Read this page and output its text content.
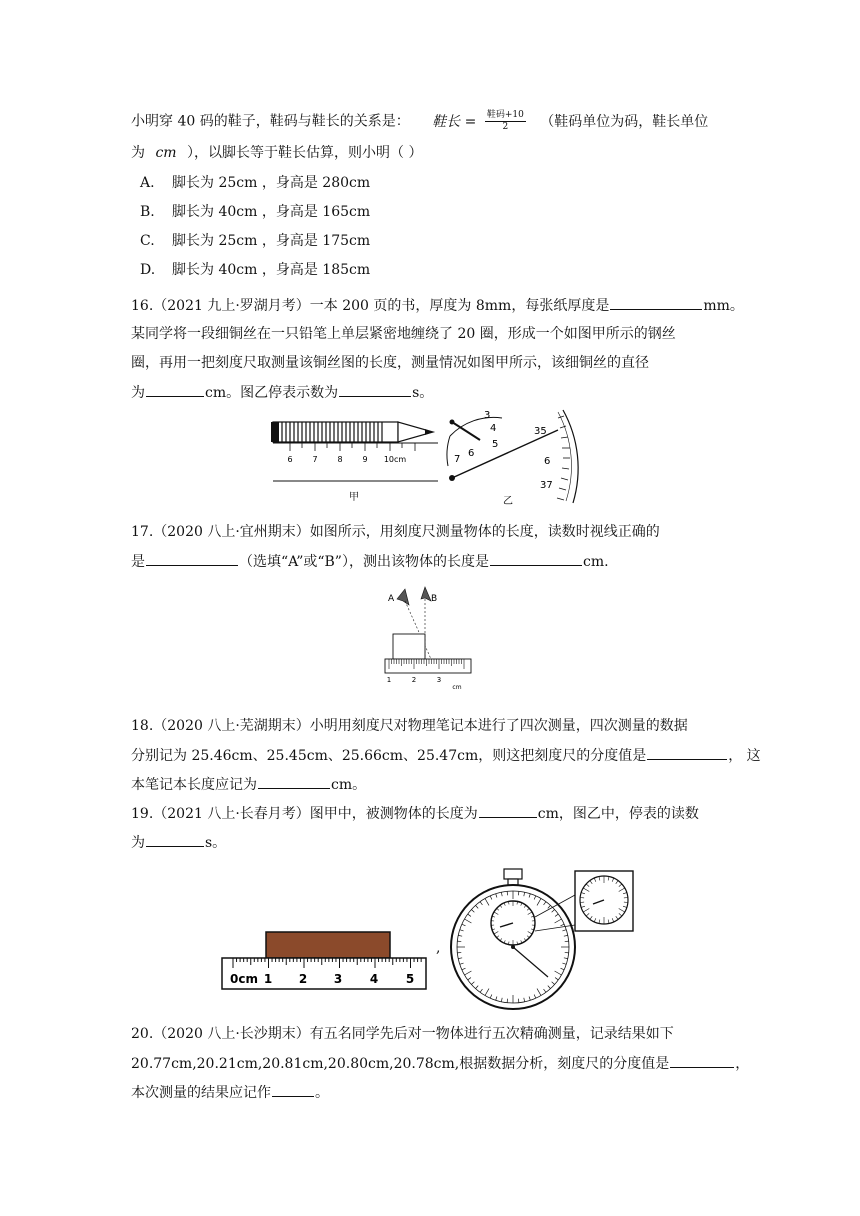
小明穿 40 码的鞋子，鞋码与鞋长的关系是： 鞋长 = $\frac{\text{鞋码+10}}{2}$ （鞋码单位为码，鞋长单位
为 cm ），以脚长等于鞋长估算，则小明（ ）
A. 脚长为 25cm ，身高是 280cm
B. 脚长为 40cm ，身高是 165cm
C. 脚长为 25cm ，身高是 175cm
D. 脚长为 40cm ，身高是 185cm
16.（2021 九上·罗湖月考）一本 200 页的书，厚度为 8mm，每张纸厚度是	mm。
某同学将一段细铜丝在一只铅笔上单层紧密地缠绕了 20 圈，形成一个如图甲所示的钢丝
圈，再用一把刻度尺取测量该铜丝图的长度，测量情况如图甲所示，该细铜丝的直径
为	cm。图乙停表示数为	s。
6 7 8 9 10cm
甲
3
4
5
6
7
35
6
37
乙
17.（2020 八上·宜州期末）如图所示，用刻度尺测量物体的长度，读数时视线正确的
是	（选填“A”或“B”），测出该物体的长度是	cm.
A	B
1	2	3
cm
18.（2020 八上·芜湖期末）小明用刻度尺对物理笔记本进行了四次测量，四次测量的数据
分别记为 25.46cm、25.45cm、25.66cm、25.47cm，则这把刻度尺的分度值是	， 这
本笔记本长度应记为	cm。
19.（2021 八上·长春月考）图甲中，被测物体的长度为	cm，图乙中，停表的读数
为	s。
0cm 1 2 3 4 5
,
20.（2020 八上·长沙期末）有五名同学先后对一物体进行五次精确测量，记录结果如下
20.77cm,20.21cm,20.81cm,20.80cm,20.78cm,根据数据分析，刻度尺的分度值是	，
本次测量的结果应记作	。
